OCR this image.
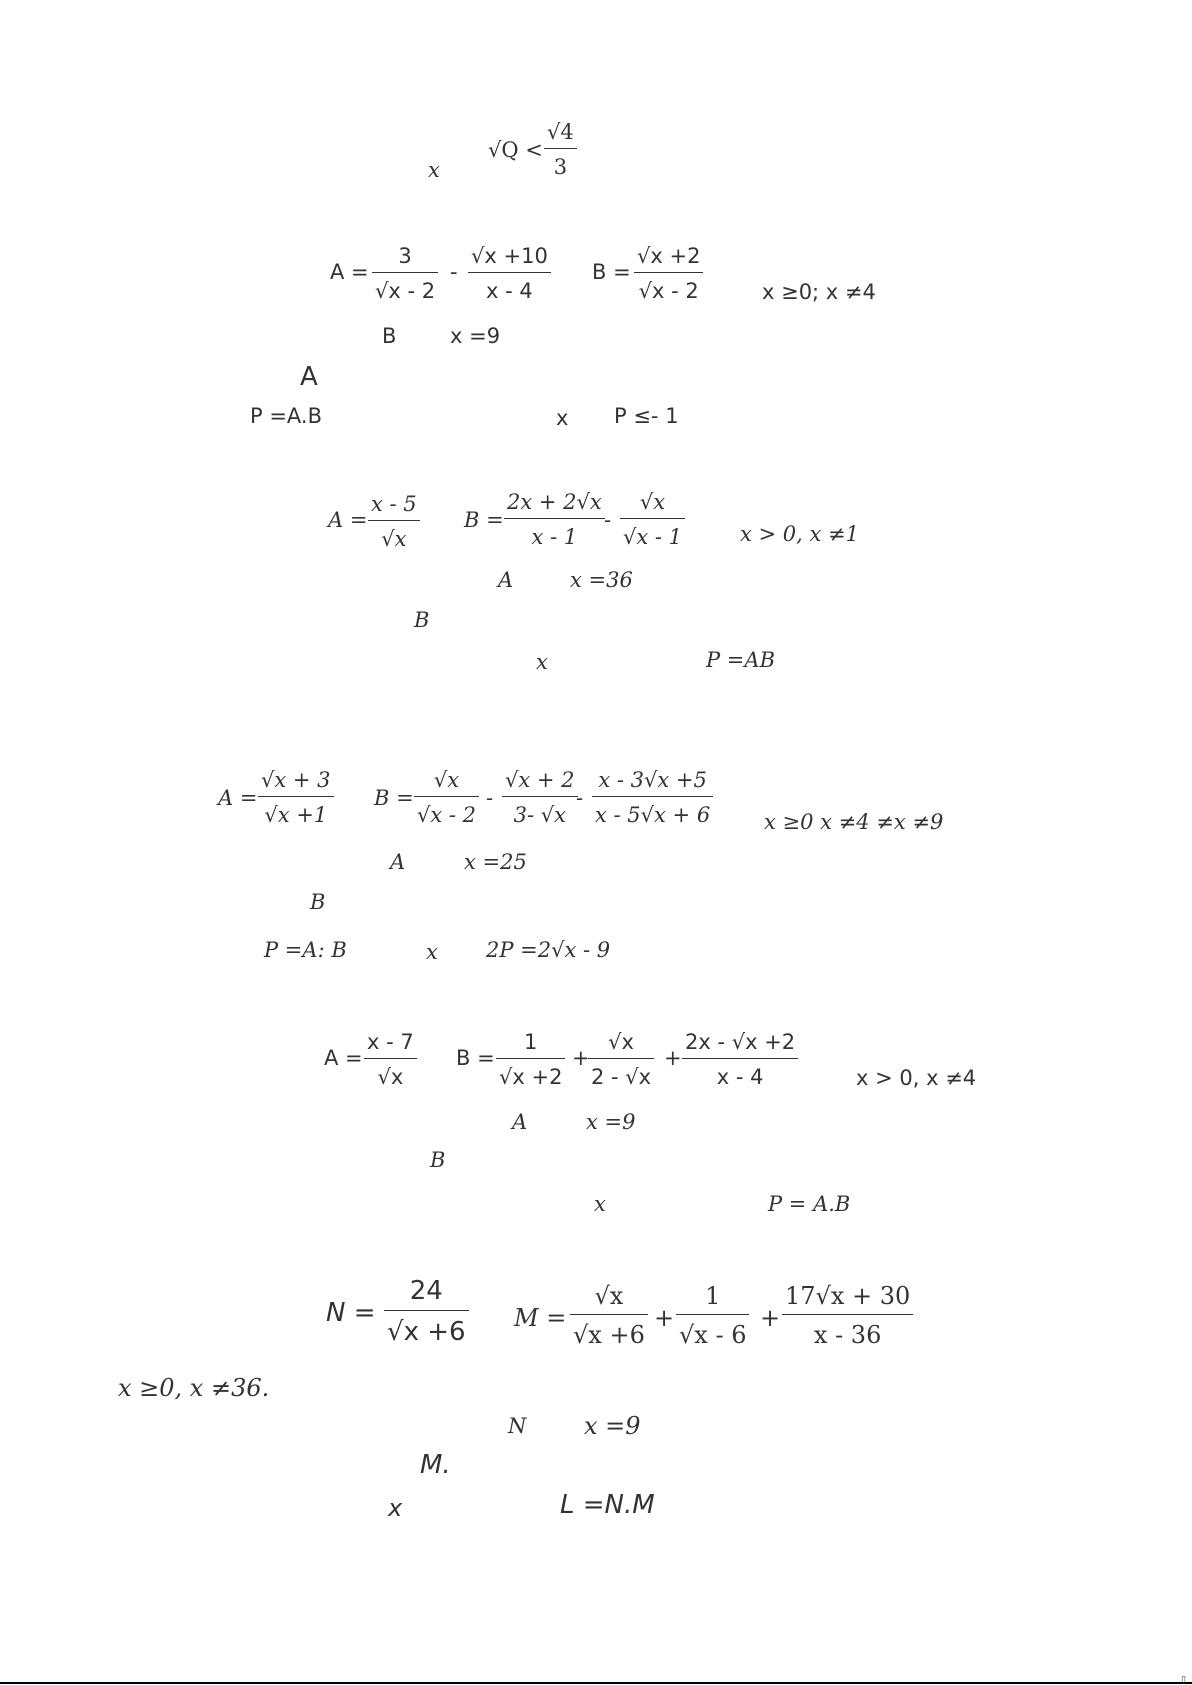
x
√Q <
√4
3
A =
3
√x - 2
-
√x +10
x - 4
B =
√x +2
√x - 2	x ≥0; x ≠4
B	x =9
A
P =A.B	x P ≤- 1
A =
x - 5
√x
B =
2x + 2√x
x - 1
-
√x
√x - 1	x > 0, x ≠1
A	x =36
B
x	P =AB
A =
√x + 3
√x +1
B =
√x
√x - 2
-
√x + 2
3- √x
-
x - 3√x +5
x - 5√x + 6	x ≥0 x ≠4 ≠x ≠9
A	x =25
B
P =A: B	x 2P =2√x - 9
A =
x - 7
√x
B =
1
√x +2
+
√x
2 - √x
+
2x - √x +2
x - 4	x > 0, x ≠4
A	x =9
B
x	P = A.B
N =
24
√x +6 M =
√x
√x +6
+
1
√x - 6
+
17√x + 30
x - 36
x ≥0, x ≠36.
N x =9
M.
x	L =N.M
▯
